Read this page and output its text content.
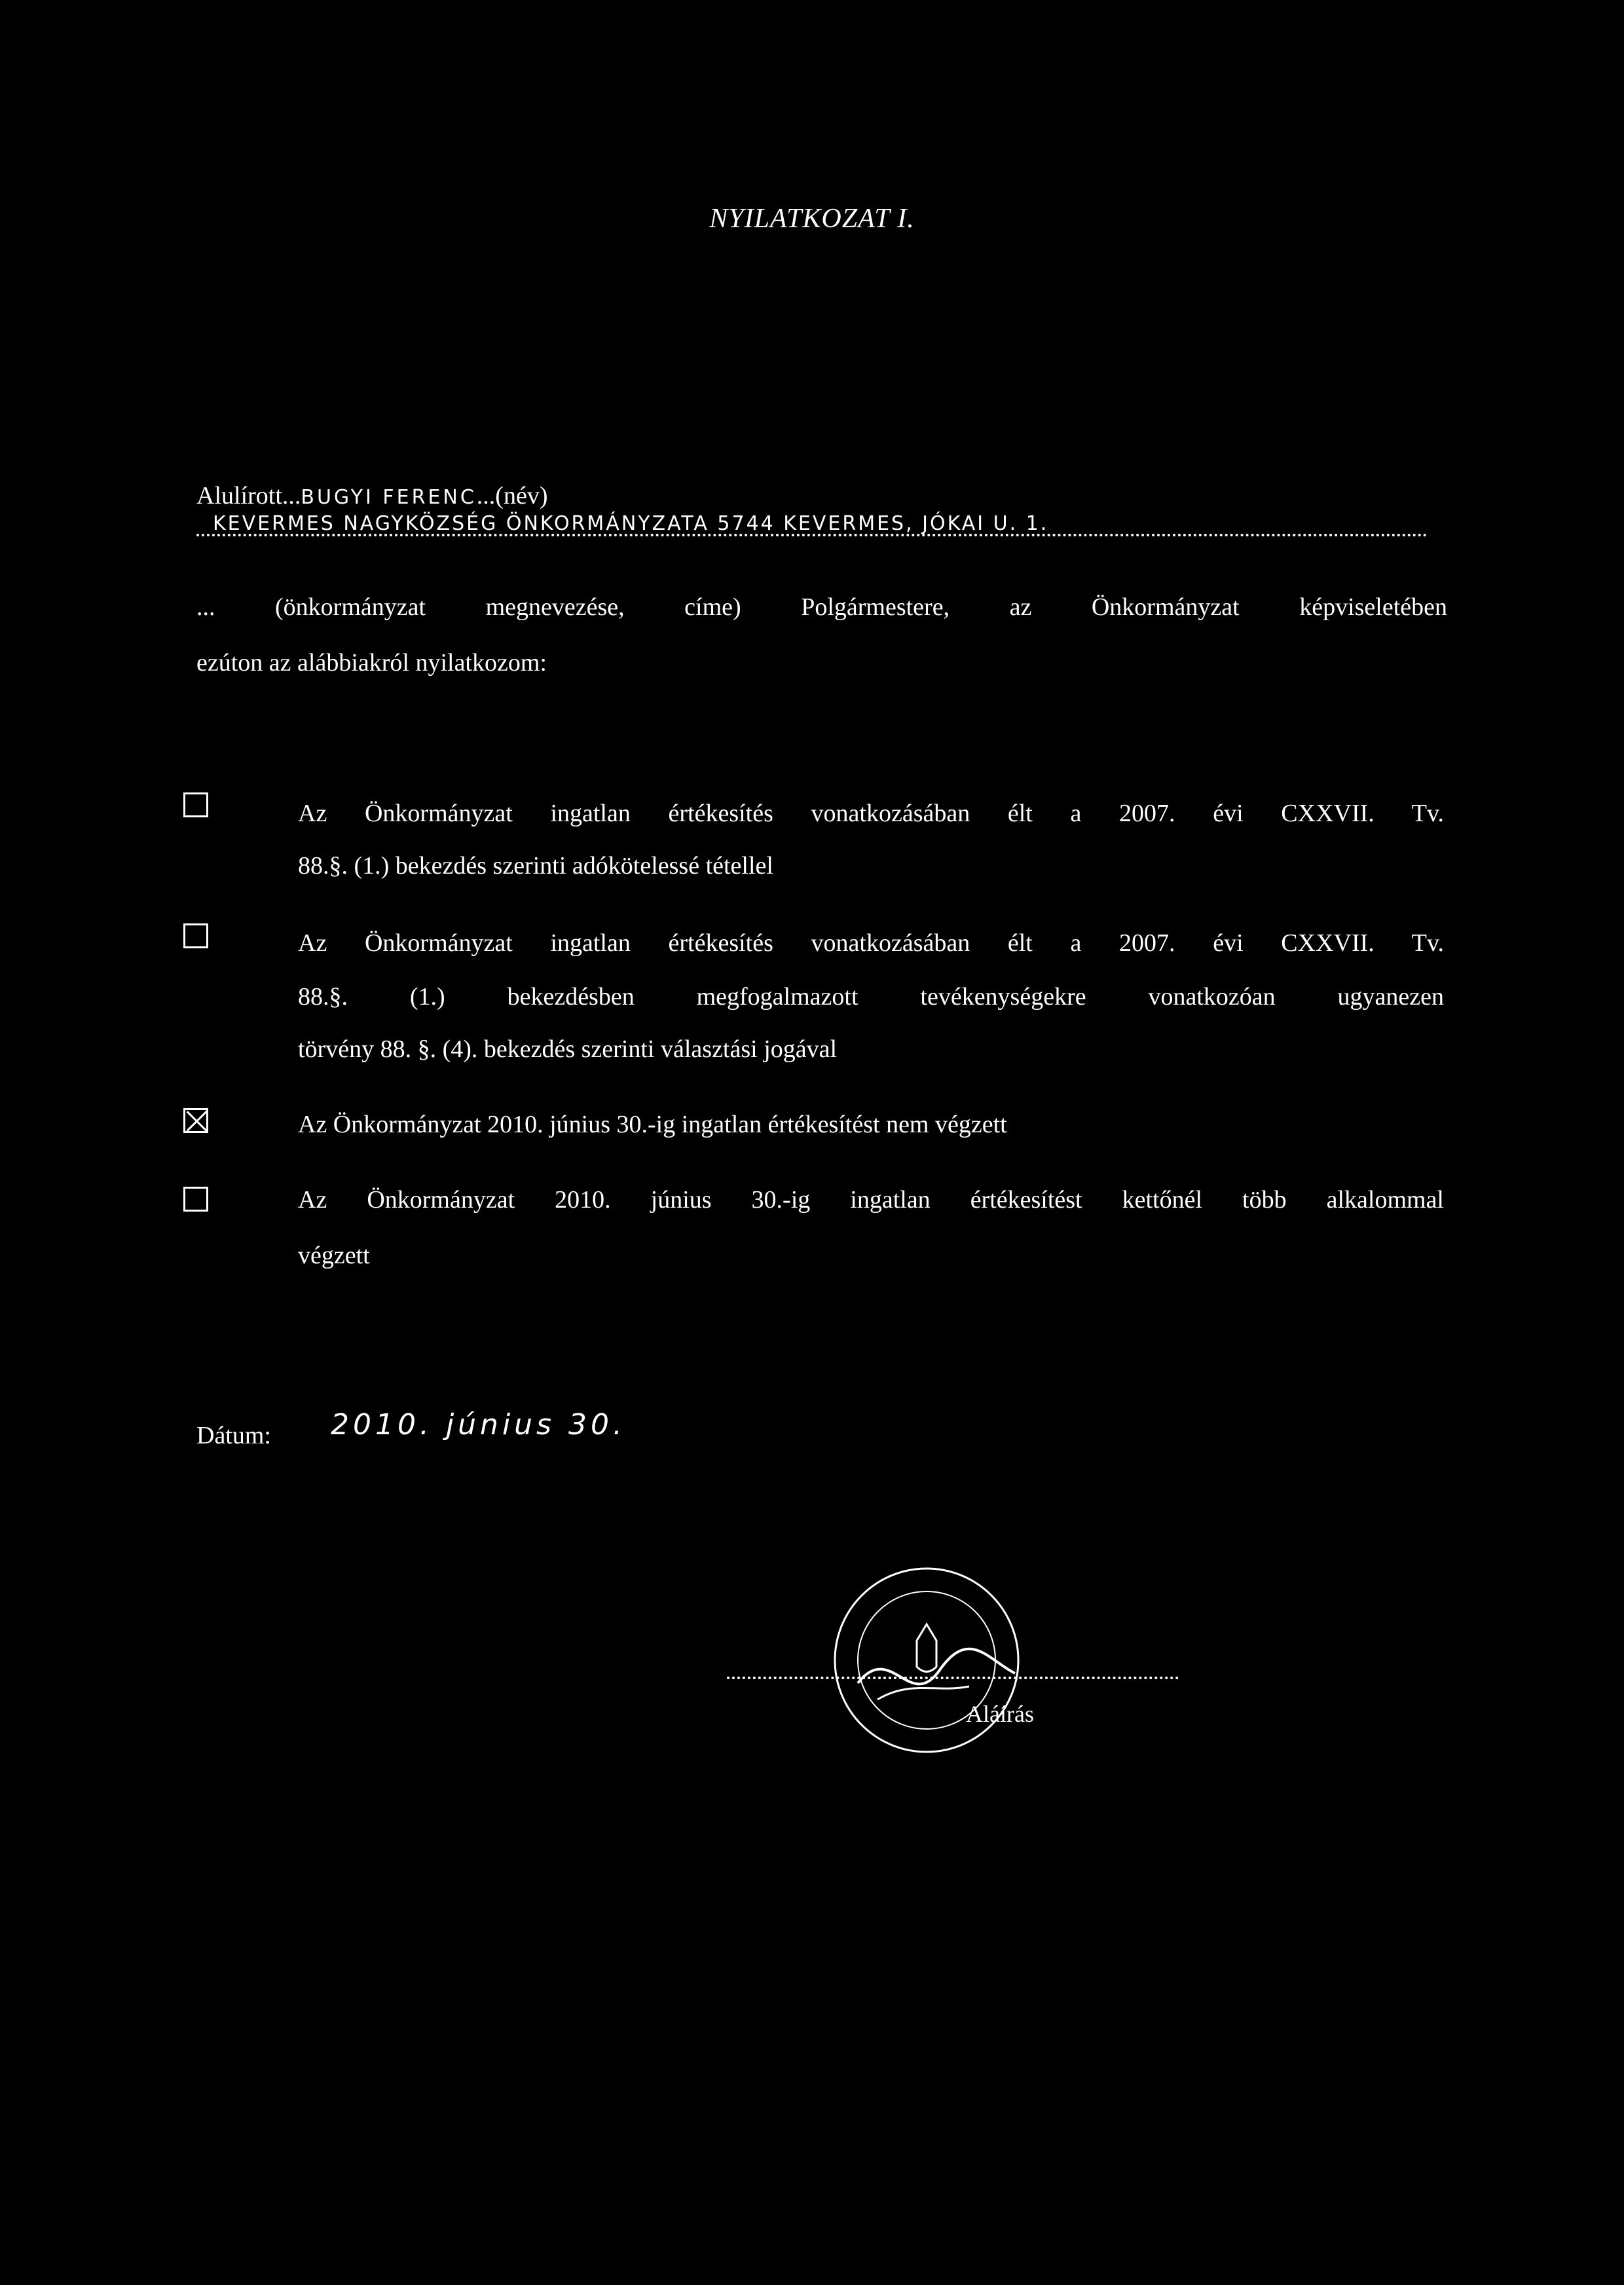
NYILATKOZAT I.
Alulírott...BUGYI FERENC...(név)
KEVERMES NAGYKÖZSÉG ÖNKORMÁNYZATA 5744 KEVERMES, JÓKAI U. 1.
... (önkormányzat megnevezése, címe) Polgármestere, az Önkormányzat képviseletében
ezúton az alábbiakról nyilatkozom:
Az Önkormányzat ingatlan értékesítés vonatkozásában élt a 2007. évi CXXVII. Tv.
88.§. (1.) bekezdés szerinti adókötelessé tétellel
Az Önkormányzat ingatlan értékesítés vonatkozásában élt a 2007. évi CXXVII. Tv.
88.§. (1.) bekezdésben megfogalmazott tevékenységekre vonatkozóan ugyanezen
törvény 88. §. (4). bekezdés szerinti választási jogával
Az Önkormányzat 2010. június 30.-ig ingatlan értékesítést nem végzett
Az Önkormányzat 2010. június 30.-ig ingatlan értékesítést kettőnél több alkalommal
végzett
Dátum: 2010. június 30.
Aláírás
